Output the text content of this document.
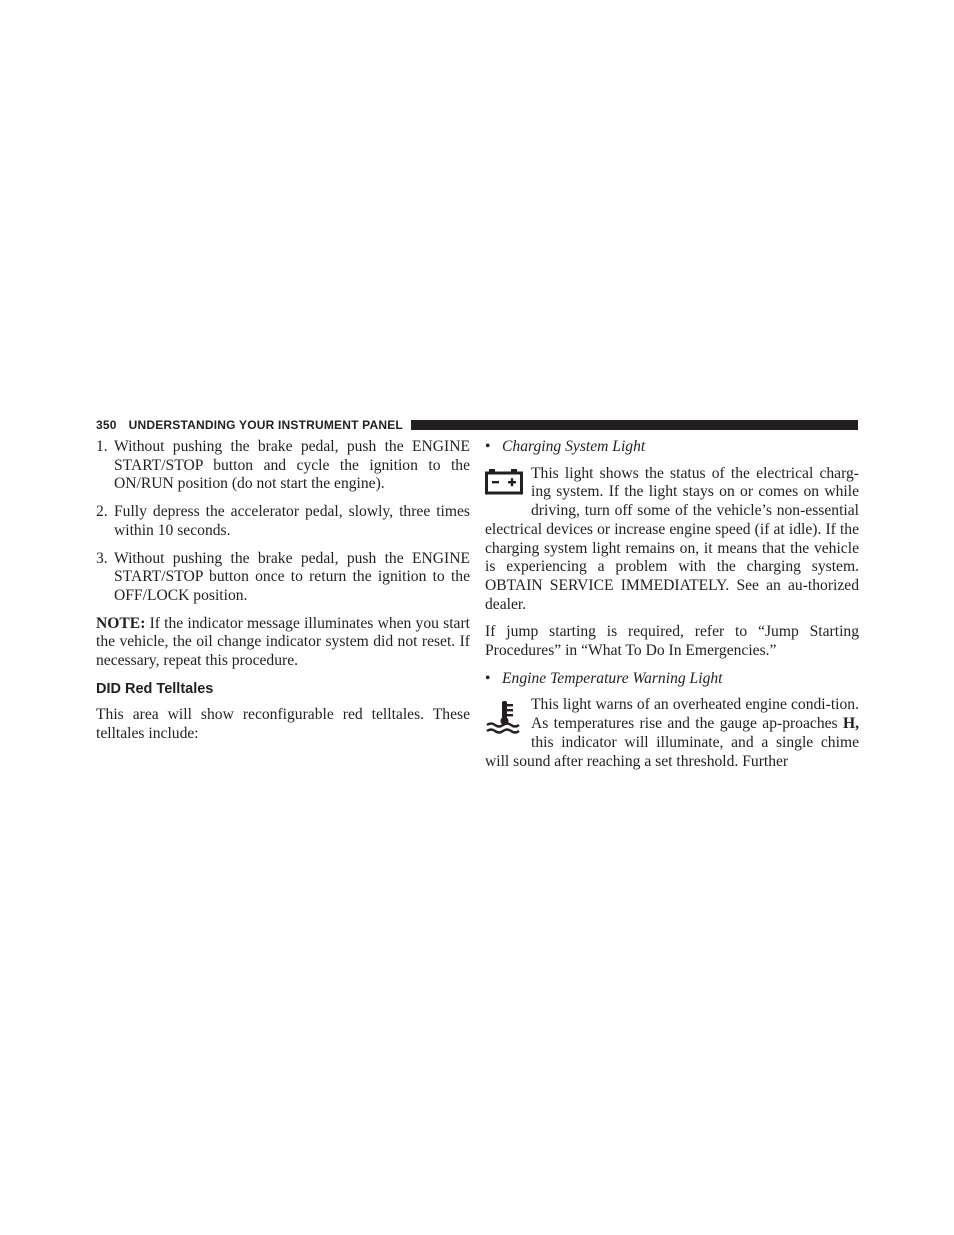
350 UNDERSTANDING YOUR INSTRUMENT PANEL
1. Without pushing the brake pedal, push the ENGINE START/STOP button and cycle the ignition to the ON/RUN position (do not start the engine).
2. Fully depress the accelerator pedal, slowly, three times within 10 seconds.
3. Without pushing the brake pedal, push the ENGINE START/STOP button once to return the ignition to the OFF/LOCK position.

NOTE: If the indicator message illuminates when you start the vehicle, the oil change indicator system did not reset. If necessary, repeat this procedure.

DID Red Telltales

This area will show reconfigurable red telltales. These telltales include:

• Charging System Light

This light shows the status of the electrical charg-ing system. If the light stays on or comes on while driving, turn off some of the vehicle’s non-essential electrical devices or increase engine speed (if at idle). If the charging system light remains on, it means that the vehicle is experiencing a problem with the charging system. OBTAIN SERVICE IMMEDIATELY. See an au-thorized dealer.

If jump starting is required, refer to “Jump Starting Procedures” in “What To Do In Emergencies.”

• Engine Temperature Warning Light

This light warns of an overheated engine condi-tion. As temperatures rise and the gauge ap-proaches H, this indicator will illuminate, and a single chime will sound after reaching a set threshold. Further
